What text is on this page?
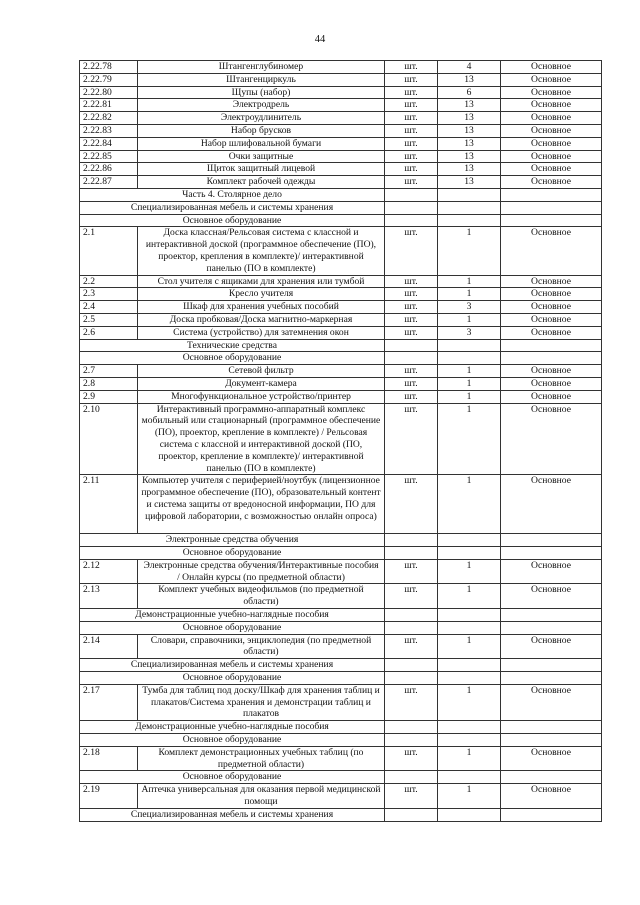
44
2.22.78	Штангенглубиномер	шт.	4	Основное
2.22.79	Штангенциркуль	шт.	13	Основное
2.22.80	Щупы (набор)	шт.	6	Основное
2.22.81	Электродрель	шт.	13	Основное
2.22.82	Электроудлинитель	шт.	13	Основное
2.22.83	Набор брусков	шт.	13	Основное
2.22.84	Набор шлифовальной бумаги	шт.	13	Основное
2.22.85	Очки защитные	шт.	13	Основное
2.22.86	Щиток защитный лицевой	шт.	13	Основное
2.22.87	Комплект рабочей одежды	шт.	13	Основное
Часть 4. Столярное дело				
Специализированная мебель и системы хранения				
Основное оборудование				
2.1	Доска классная/Рельсовая система с классной и интерактивной доской (программное обеспечение (ПО), проектор, крепления в комплекте)/ интерактивной панелью (ПО в комплекте)	шт.	1	Основное
2.2	Стол учителя с ящиками для хранения или тумбой	шт.	1	Основное
2.3	Кресло учителя	шт.	1	Основное
2.4	Шкаф для хранения учебных пособий	шт.	3	Основное
2.5	Доска пробковая/Доска магнитно-маркерная	шт.	1	Основное
2.6	Система (устройство) для затемнения окон	шт.	3	Основное
Технические средства				
Основное оборудование				
2.7	Сетевой фильтр	шт.	1	Основное
2.8	Документ-камера	шт.	1	Основное
2.9	Многофункциональное устройство/принтер	шт.	1	Основное
2.10	Интерактивный программно-аппаратный комплекс мобильный или стационарный (программное обеспечение (ПО), проектор, крепление в комплекте) / Рельсовая система с классной и интерактивной доской (ПО, проектор, крепление в комплекте)/ интерактивной панелью (ПО в комплекте)	шт.	1	Основное
2.11	Компьютер учителя с периферией/ноутбук (лицензионное программное обеспечение (ПО), образовательный контент и система защиты от вредоносной информации, ПО для цифровой лаборатории, с возможностью онлайн опроса)	шт.	1	Основное
Электронные средства обучения				
Основное оборудование				
2.12	Электронные средства обучения/Интерактивные пособия / Онлайн курсы (по предметной области)	шт.	1	Основное
2.13	Комплект учебных видеофильмов (по предметной области)	шт.	1	Основное
Демонстрационные учебно-наглядные пособия				
Основное оборудование				
2.14	Словари, справочники, энциклопедия (по предметной области)	шт.	1	Основное
Специализированная мебель и системы хранения				
Основное оборудование				
2.17	Тумба для таблиц под доску/Шкаф для хранения таблиц и плакатов/Система хранения и демонстрации таблиц и плакатов	шт.	1	Основное
Демонстрационные учебно-наглядные пособия				
Основное оборудование				
2.18	Комплект демонстрационных учебных таблиц (по предметной области)	шт.	1	Основное
Основное оборудование				
2.19	Аптечка универсальная для оказания первой медицинской помощи	шт.	1	Основное
Специализированная мебель и системы хранения				
